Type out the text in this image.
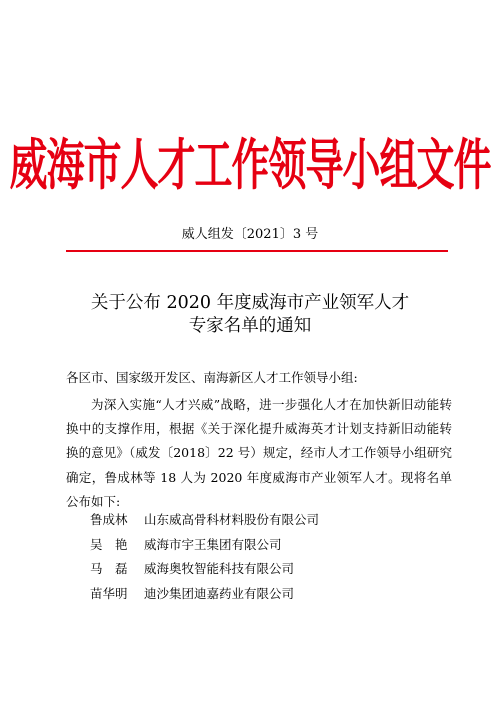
威海市人才工作领导小组文件
威人组发〔2021〕3 号
关于公布 2020 年度威海市产业领军人才
专家名单的通知
各区市、国家级开发区、南海新区人才工作领导小组:
为深入实施“人才兴威”战略，进一步强化人才在加快新旧动能转换中的支撑作用，根据《关于深化提升威海英才计划支持新旧动能转换的意见》（威发〔2018〕22 号）规定，经市人才工作领导小组研究确定，鲁成林等 18 人为 2020 年度威海市产业领军人才。现将名单公布如下:
鲁成林	山东威高骨科材料股份有限公司
吴　艳	威海市宇王集团有限公司
马　磊	威海奥牧智能科技有限公司
苗华明	迪沙集团迪嘉药业有限公司
